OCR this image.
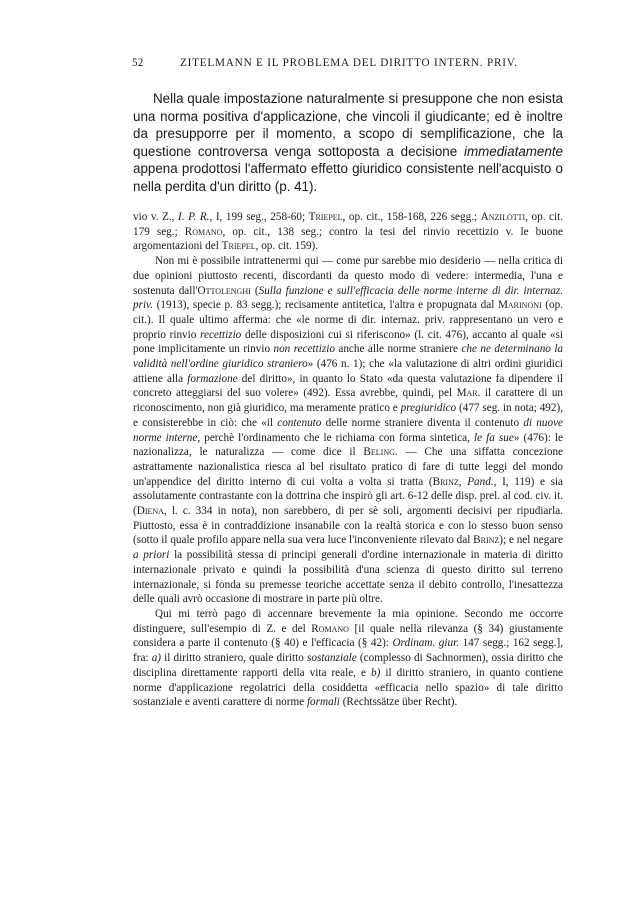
52	ZITELMANN E IL PROBLEMA DEL DIRITTO INTERN. PRIV.

Nella quale impostazione naturalmente si presuppone che non esista una norma positiva d'applicazione, che vincoli il giudicante; ed è inoltre da presupporre per il momento, a scopo di semplificazione, che la questione controversa venga sottoposta a decisione immediatamente appena prodottosi l'affermato effetto giuridico consistente nell'acquisto o nella perdita d'un diritto (p. 41).

vio v. Z., I. P. R., I, 199 seg., 258-60; Triepel, op. cit., 158-168, 226 segg.; Anzilotti, op. cit. 179 seg.; Romano, op. cit., 138 seg.; contro la tesi del rinvio recettizio v. le buone argomentazioni del Triepel, op. cit. 159).

Non mi è possibile intrattenermi qui — come pur sarebbe mio desiderio — nella critica di due opinioni piuttosto recenti, discordanti da questo modo di vedere: intermedia, l'una e sostenuta dall'Ottolenghi (Sulla funzione e sull'efficacia delle norme interne di dir. internaz. priv. (1913), specie p. 83 segg.); recisamente antitetica, l'altra e propugnata dal Marinoni (op. cit.). Il quale ultimo afferma: che «le norme di dir. internaz. priv. rappresentano un vero e proprio rinvio recettizio delle disposizioni cui si riferiscono» (l. cit. 476), accanto al quale «si pone implicitamente un rinvio non recettizio anche alle norme straniere che ne determinano la validità nell'ordine giuridico straniero» (476 n. 1); che «la valutazione di altri ordini giuridici attiene alla formazione del diritto», in quanto lo Stato «da questa valutazione fa dipendere il concreto atteggiarsi del suo volere» (492). Essa avrebbe, quindi, pel Mar. il carattere di un riconoscimento, non già giuridico, ma meramente pratico e pregiuridico (477 seg. in nota; 492), e consisterebbe in ciò: che «il contenuto delle norme straniere diventa il contenuto di nuove norme interne, perchè l'ordinamento che le richiama con forma sintetica, le fa sue» (476): le nazionalizza, le naturalizza — come dice il Beling. — Che una siffatta concezione astrattamente nazionalistica riesca al bel risultato pratico di fare di tutte leggi del mondo un'appendice del diritto interno di cui volta a volta si tratta (Brinz, Pand., I, 119) e sia assolutamente contrastante con la dottrina che inspirò gli art. 6-12 delle disp. prel. al cod. civ. it. (Diena, l. c. 334 in nota), non sarebbero, di per sè soli, argomenti decisivi per ripudiarla. Piuttosto, essa è in contraddizione insanabile con la realtà storica e con lo stesso buon senso (sotto il quale profilo appare nella sua vera luce l'inconveniente rilevato dal Brinz); e nel negare a priori la possibilità stessa di principi generali d'ordine internazionale in materia di diritto internazionale privato e quindi la possibilità d'una scienza di questo diritto sul terreno internazionale, si fonda su premesse teoriche accettate senza il debito controllo, l'inesattezza delle quali avrò occasione di mostrare in parte più oltre.

Qui mi terrò pago di accennare brevemente la mia opinione. Secondo me occorre distinguere, sull'esempio di Z. e del Romano [il quale nella rilevanza (§ 34) giustamente considera a parte il contenuto (§ 40) e l'efficacia (§ 42): Ordinam. giur. 147 segg.; 162 segg.], fra: a) il diritto straniero, quale diritto sostanziale (complesso di Sachnormen), ossia diritto che disciplina direttamente rapporti della vita reale, e b) il diritto straniero, in quanto contiene norme d'applicazione regolatrici della cosiddetta «efficacia nello spazio» di tale diritto sostanziale e aventi carattere di norme formali (Rechtssätze über Recht).
